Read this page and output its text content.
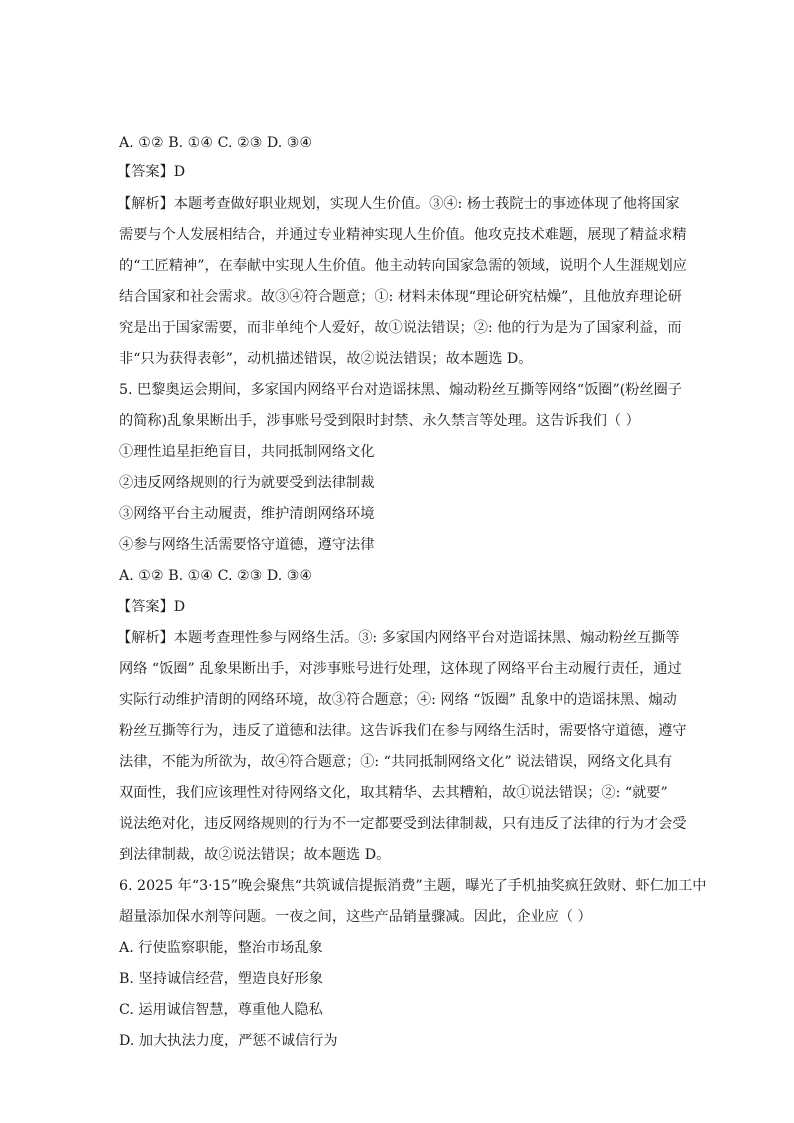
A. ①② B. ①④ C. ②③ D. ③④
【答案】D
【解析】本题考查做好职业规划，实现人生价值。③④: 杨士莪院士的事迹体现了他将国家
需要与个人发展相结合，并通过专业精神实现人生价值。他攻克技术难题，展现了精益求精
的“工匠精神”，在奉献中实现人生价值。他主动转向国家急需的领域，说明个人生涯规划应
结合国家和社会需求。故③④符合题意；①: 材料未体现“理论研究枯燥”，且他放弃理论研
究是出于国家需要，而非单纯个人爱好，故①说法错误；②: 他的行为是为了国家利益，而
非“只为获得表彰”，动机描述错误，故②说法错误；故本题选 D。
5. 巴黎奥运会期间，多家国内网络平台对造谣抹黑、煽动粉丝互撕等网络“饭圈”(粉丝圈子
的简称)乱象果断出手，涉事账号受到限时封禁、永久禁言等处理。这告诉我们（ ）
①理性追星拒绝盲目，共同抵制网络文化
②违反网络规则的行为就要受到法律制裁
③网络平台主动履责，维护清朗网络环境
④参与网络生活需要恪守道德，遵守法律
A. ①② B. ①④ C. ②③ D. ③④
【答案】D
【解析】本题考查理性参与网络生活。③: 多家国内网络平台对造谣抹黑、煽动粉丝互撕等
网络 “饭圈” 乱象果断出手，对涉事账号进行处理，这体现了网络平台主动履行责任，通过
实际行动维护清朗的网络环境，故③符合题意；④: 网络 “饭圈” 乱象中的造谣抹黑、煽动
粉丝互撕等行为，违反了道德和法律。这告诉我们在参与网络生活时，需要恪守道德，遵守
法律，不能为所欲为，故④符合题意；①: “共同抵制网络文化” 说法错误，网络文化具有
双面性，我们应该理性对待网络文化，取其精华、去其糟粕，故①说法错误；②: “就要”
说法绝对化，违反网络规则的行为不一定都要受到法律制裁，只有违反了法律的行为才会受
到法律制裁，故②说法错误；故本题选 D。
6. 2025 年“3·15”晚会聚焦“共筑诚信提振消费”主题，曝光了手机抽奖疯狂敛财、虾仁加工中
超量添加保水剂等问题。一夜之间，这些产品销量骤减。因此，企业应（ ）
A. 行使监察职能，整治市场乱象
B. 坚持诚信经营，塑造良好形象
C. 运用诚信智慧，尊重他人隐私
D. 加大执法力度，严惩不诚信行为
